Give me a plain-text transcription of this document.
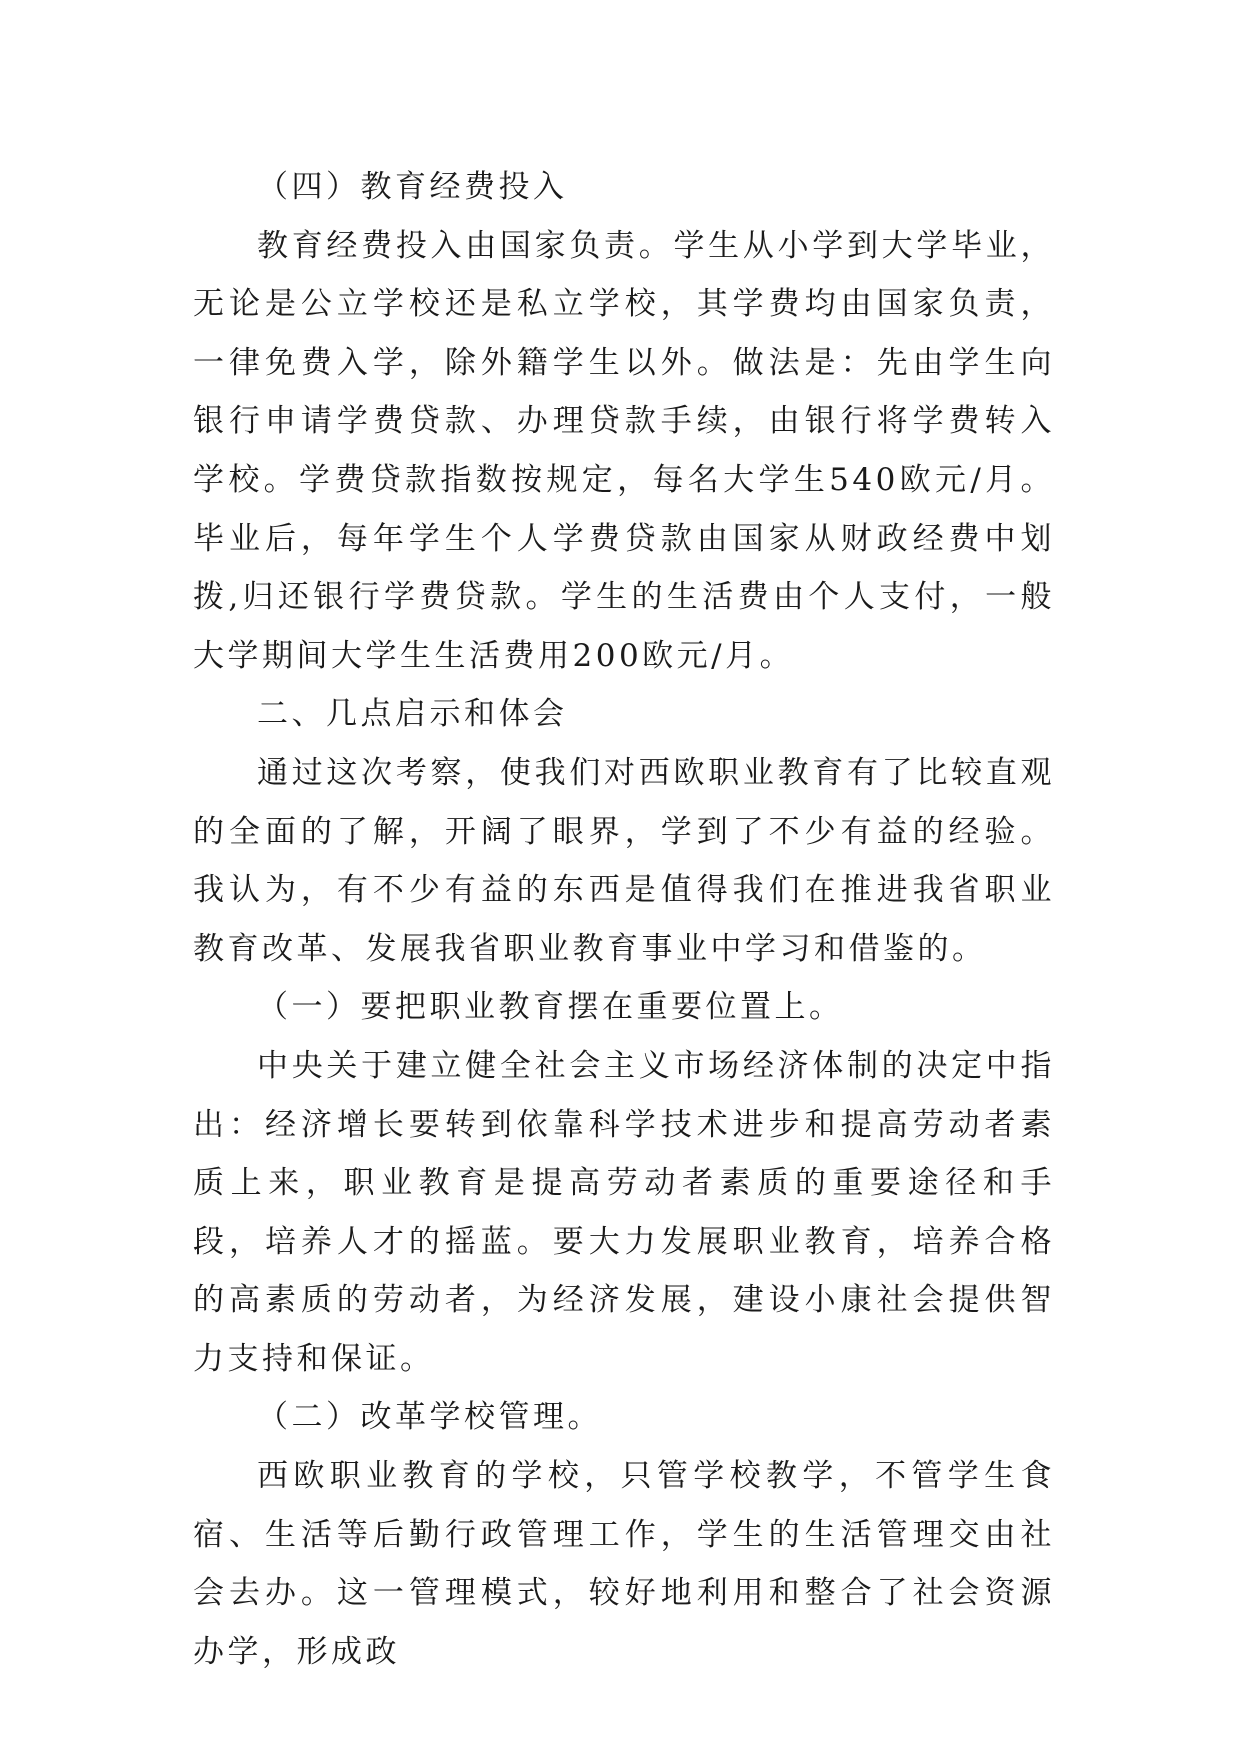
（四）教育经费投入

教育经费投入由国家负责。学生从小学到大学毕业，无论是公立学校还是私立学校，其学费均由国家负责，一律免费入学，除外籍学生以外。做法是：先由学生向银行申请学费贷款、办理贷款手续，由银行将学费转入学校。学费贷款指数按规定，每名大学生540欧元/月。毕业后，每年学生个人学费贷款由国家从财政经费中划拨,归还银行学费贷款。学生的生活费由个人支付，一般大学期间大学生生活费用200欧元/月。

二、几点启示和体会

通过这次考察，使我们对西欧职业教育有了比较直观的全面的了解，开阔了眼界，学到了不少有益的经验。我认为，有不少有益的东西是值得我们在推进我省职业教育改革、发展我省职业教育事业中学习和借鉴的。

（一）要把职业教育摆在重要位置上。

中央关于建立健全社会主义市场经济体制的决定中指出：经济增长要转到依靠科学技术进步和提高劳动者素质上来，职业教育是提高劳动者素质的重要途径和手段，培养人才的摇蓝。要大力发展职业教育，培养合格的高素质的劳动者，为经济发展，建设小康社会提供智力支持和保证。

（二）改革学校管理。

西欧职业教育的学校，只管学校教学，不管学生食宿、生活等后勤行政管理工作，学生的生活管理交由社会去办。这一管理模式，较好地利用和整合了社会资源办学，形成政
